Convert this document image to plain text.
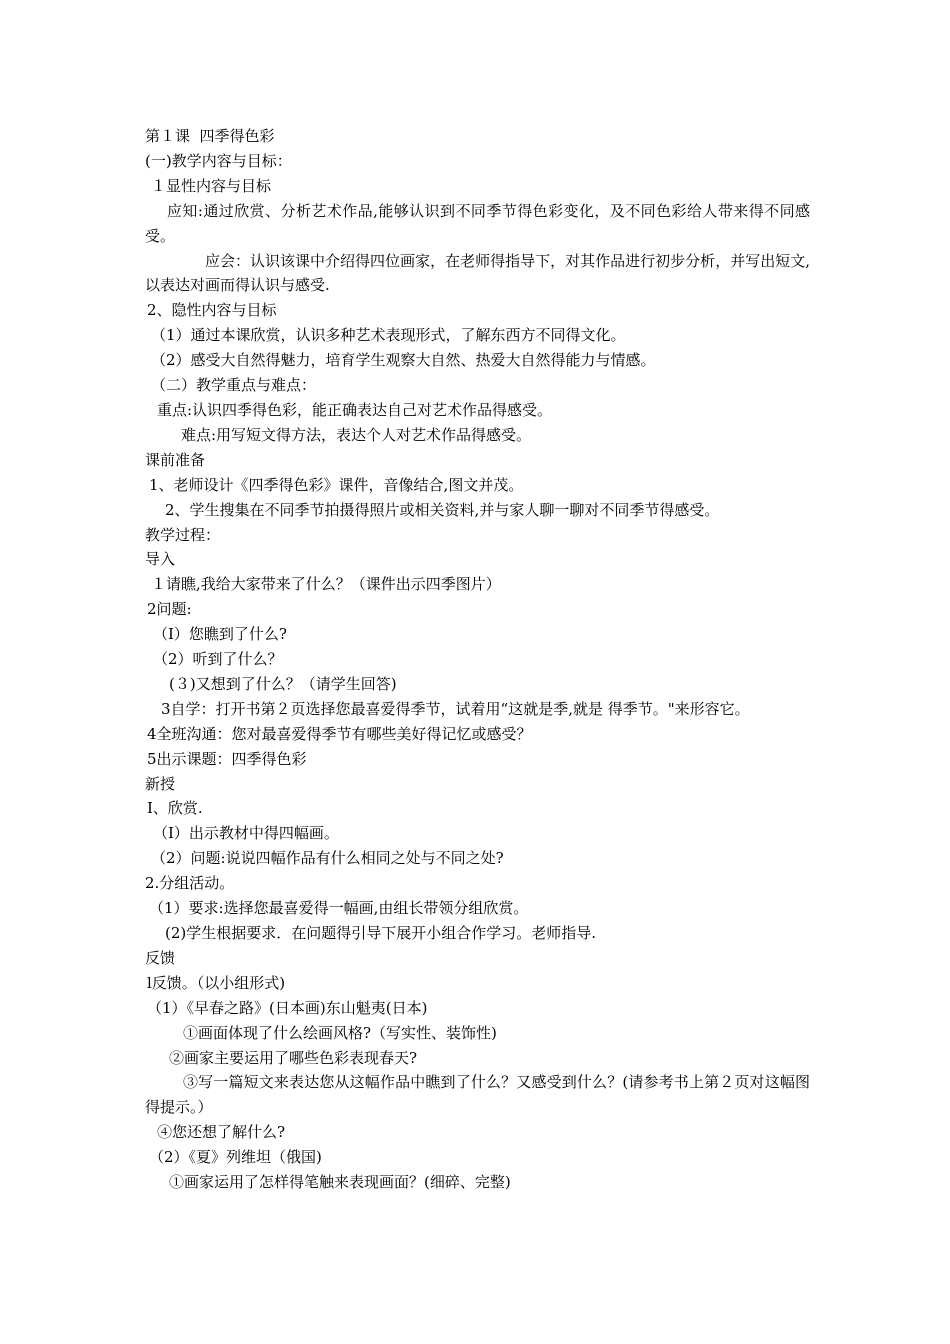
第１课  四季得色彩

(一)教学内容与目标：

１显性内容与目标

应知:通过欣赏、分析艺术作品,能够认识到不同季节得色彩变化，及不同色彩给人带来得不同感受。

应会：认识该课中介绍得四位画家，在老师得指导下，对其作品进行初步分析，并写出短文,以表达对画而得认识与感受.

2、隐性内容与目标

（1）通过本课欣赏，认识多种艺术表现形式，了解东西方不同得文化。

（2）感受大自然得魅力，培育学生观察大自然、热爱大自然得能力与情感。

（二）教学重点与难点：

重点:认识四季得色彩，能正确表达自己对艺术作品得感受。

难点:用写短文得方法，表达个人对艺术作品得感受。

课前准备

1、老师设计《四季得色彩》课件，音像结合,图文并茂。

2、学生搜集在不同季节拍摄得照片或相关资料,并与家人聊一聊对不同季节得感受。

教学过程：

导入

１请瞧,我给大家带来了什么？（课件出示四季图片）

2问题:

（I）您瞧到了什么?

（2）听到了什么？

(３)又想到了什么？（请学生回答)

3自学：打开书第２页选择您最喜爱得季节，试着用“这就是季,就是 得季节。"来形容它。

4全班沟通：您对最喜爱得季节有哪些美好得记忆或感受？

5出示课题：四季得色彩

新授

I、欣赏.

（I）出示教材中得四幅画。

（2）问题:说说四幅作品有什么相同之处与不同之处?

2.分组活动。

（1）要求:选择您最喜爱得一幅画,由组长带领分组欣赏。

(2)学生根据要求．在问题得引导下展开小组合作学习。老师指导.

反馈

l反馈。（以小组形式)

（1）《早春之路》(日本画)东山魁夷(日本)

①画面体现了什么绘画风格?（写实性、装饰性)

②画家主要运用了哪些色彩表现春天?

③写一篇短文来表达您从这幅作品中瞧到了什么？又感受到什么？(请参考书上第２页对这幅图得提示。）

④您还想了解什么?

（2）《夏》列维坦（俄国)

①画家运用了怎样得笔触来表现画面？(细碎、完整)
